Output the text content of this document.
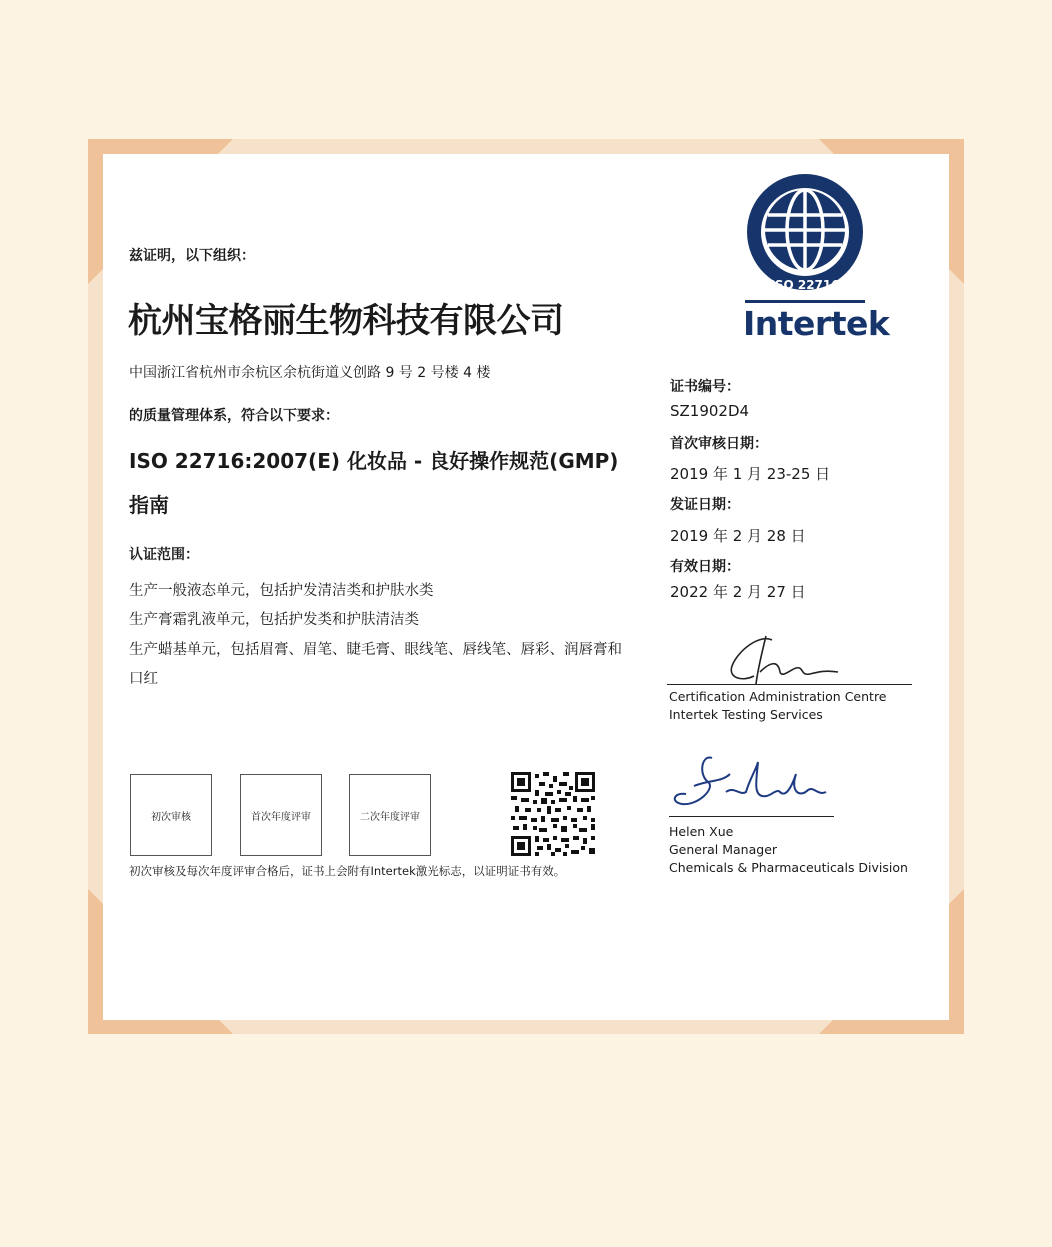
兹证明，以下组织：
杭州宝格丽生物科技有限公司
中国浙江省杭州市余杭区余杭街道义创路 9 号 2 号楼 4 楼
的质量管理体系，符合以下要求：
ISO 22716:2007(E) 化妆品 - 良好操作规范(GMP)
指南
认证范围：
生产一般液态单元，包括护发清洁类和护肤水类
生产膏霜乳液单元，包括护发类和护肤清洁类
生产蜡基单元，包括眉膏、眉笔、睫毛膏、眼线笔、唇线笔、唇彩、润唇膏和
口红
初次审核	首次年度评审	二次年度评审
初次审核及每次年度评审合格后，证书上会附有Intertek激光标志，以证明证书有效。
ISO 22716
Intertek
证书编号：
SZ1902D4
首次审核日期：
2019 年 1 月 23-25 日
发证日期：
2019 年 2 月 28 日
有效日期：
2022 年 2 月 27 日
Certification Administration Centre
Intertek Testing Services
Helen Xue
General Manager
Chemicals & Pharmaceuticals Division
